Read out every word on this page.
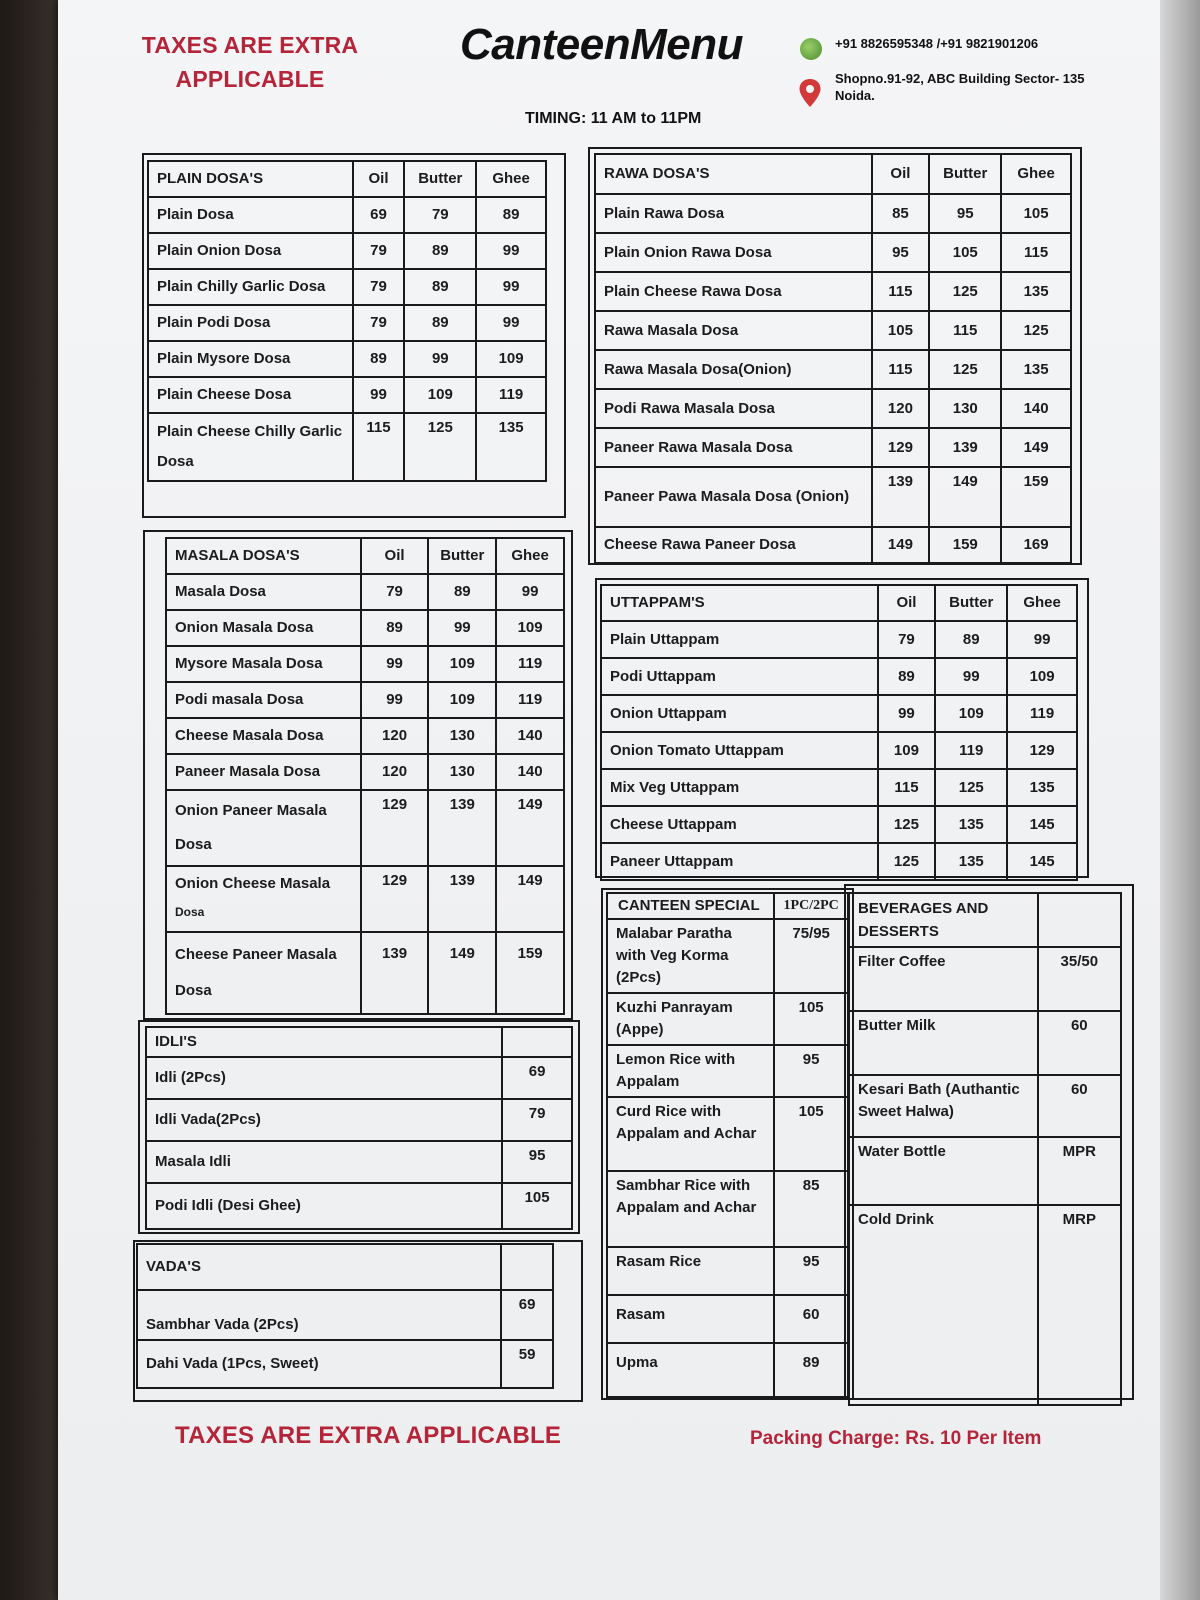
TAXES ARE EXTRA APPLICABLE
CanteenMenu
TIMING: 11 AM to 11PM
+91 8826595348 /+91 9821901206
Shopno.91-92, ABC Building Sector- 135 Noida.
PLAIN DOSA'S	Oil	Butter	Ghee
Plain Dosa	69	79	89
Plain Onion Dosa	79	89	99
Plain Chilly Garlic Dosa	79	89	99
Plain Podi Dosa	79	89	99
Plain Mysore Dosa	89	99	109
Plain Cheese Dosa	99	109	119
Plain Cheese Chilly Garlic Dosa	115	125	135
RAWA DOSA'S	Oil	Butter	Ghee
Plain Rawa Dosa	85	95	105
Plain Onion Rawa Dosa	95	105	115
Plain Cheese Rawa Dosa	115	125	135
Rawa Masala Dosa	105	115	125
Rawa Masala Dosa(Onion)	115	125	135
Podi Rawa Masala Dosa	120	130	140
Paneer Rawa Masala Dosa	129	139	149
Paneer Pawa Masala Dosa (Onion)	139	149	159
Cheese Rawa Paneer Dosa	149	159	169
MASALA DOSA'S	Oil	Butter	Ghee
Masala Dosa	79	89	99
Onion Masala Dosa	89	99	109
Mysore Masala Dosa	99	109	119
Podi masala Dosa	99	109	119
Cheese Masala Dosa	120	130	140
Paneer Masala Dosa	120	130	140

Onion Paneer Masala
Dosa	129	139	149

Onion Cheese Masala
Dosa	129	139	149

Cheese Paneer Masala
Dosa	139	149	159
UTTAPPAM'S	Oil	Butter	Ghee
Plain Uttappam	79	89	99
Podi Uttappam	89	99	109
Onion Uttappam	99	109	119
Onion Tomato Uttappam	109	119	129
Mix Veg Uttappam	115	125	135
Cheese Uttappam	125	135	145
Paneer Uttappam	125	135	145
IDLI'S	
Idli (2Pcs)	69
Idli Vada(2Pcs)	79
Masala Idli	95
Podi Idli (Desi Ghee)	105
VADA'S	
Sambhar Vada (2Pcs)	69
Dahi Vada (1Pcs, Sweet)	59
CANTEEN SPECIAL	1PC/2PC
Malabar Paratha with Veg Korma (2Pcs)	75/95
Kuzhi Panrayam (Appe)	105
Lemon Rice with Appalam	95
Curd Rice with Appalam and Achar	105
Sambhar Rice with Appalam and Achar	85
Rasam Rice	95
Rasam	60
Upma	89
BEVERAGES AND DESSERTS	
Filter Coffee	35/50
Butter Milk	60
Kesari Bath (Authantic Sweet Halwa)	60
Water Bottle	MPR
Cold Drink	MRP
TAXES ARE EXTRA APPLICABLE	Packing Charge: Rs. 10 Per Item
